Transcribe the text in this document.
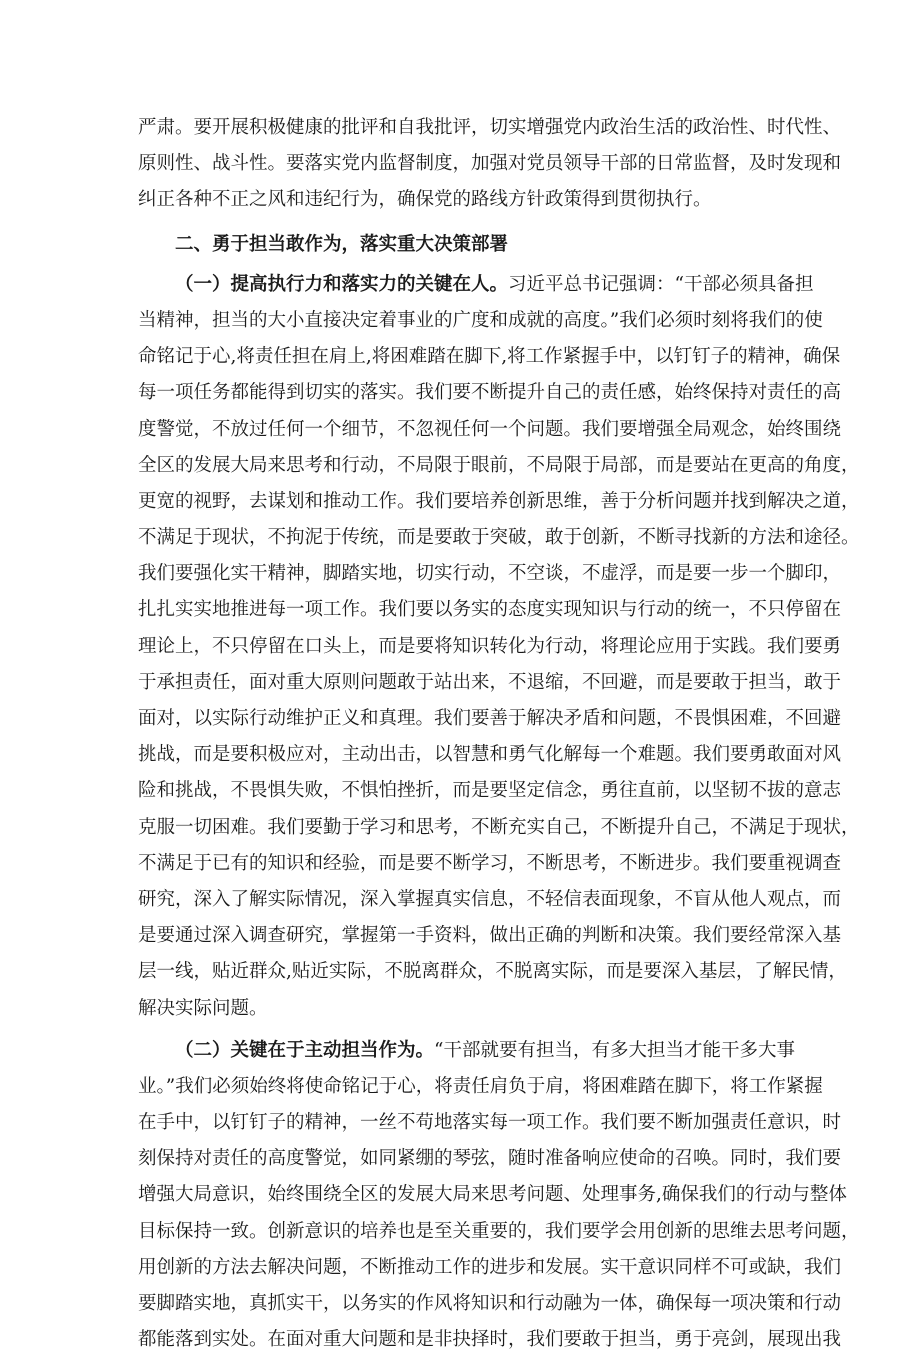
严肃。要开展积极健康的批评和自我批评，切实增强党内政治生活的政治性、时代性、
原则性、战斗性。要落实党内监督制度，加强对党员领导干部的日常监督，及时发现和
纠正各种不正之风和违纪行为，确保党的路线方针政策得到贯彻执行。
二、勇于担当敢作为，落实重大决策部署
（一）提高执行力和落实力的关键在人。习近平总书记强调：“干部必须具备担
当精神，担当的大小直接决定着事业的广度和成就的高度。”我们必须时刻将我们的使
命铭记于心,将责任担在肩上,将困难踏在脚下,将工作紧握手中，以钉钉子的精神，确保
每一项任务都能得到切实的落实。我们要不断提升自己的责任感，始终保持对责任的高
度警觉，不放过任何一个细节，不忽视任何一个问题。我们要增强全局观念，始终围绕
全区的发展大局来思考和行动，不局限于眼前，不局限于局部，而是要站在更高的角度，
更宽的视野，去谋划和推动工作。我们要培养创新思维，善于分析问题并找到解决之道，
不满足于现状，不拘泥于传统，而是要敢于突破，敢于创新，不断寻找新的方法和途径。
我们要强化实干精神，脚踏实地，切实行动，不空谈，不虚浮，而是要一步一个脚印，
扎扎实实地推进每一项工作。我们要以务实的态度实现知识与行动的统一，不只停留在
理论上，不只停留在口头上，而是要将知识转化为行动，将理论应用于实践。我们要勇
于承担责任，面对重大原则问题敢于站出来，不退缩，不回避，而是要敢于担当，敢于
面对，以实际行动维护正义和真理。我们要善于解决矛盾和问题，不畏惧困难，不回避
挑战，而是要积极应对，主动出击，以智慧和勇气化解每一个难题。我们要勇敢面对风
险和挑战，不畏惧失败，不惧怕挫折，而是要坚定信念，勇往直前，以坚韧不拔的意志
克服一切困难。我们要勤于学习和思考，不断充实自己，不断提升自己，不满足于现状，
不满足于已有的知识和经验，而是要不断学习，不断思考，不断进步。我们要重视调查
研究，深入了解实际情况，深入掌握真实信息，不轻信表面现象，不盲从他人观点，而
是要通过深入调查研究，掌握第一手资料，做出正确的判断和决策。我们要经常深入基
层一线，贴近群众,贴近实际，不脱离群众，不脱离实际，而是要深入基层，了解民情，
解决实际问题。
（二）关键在于主动担当作为。“干部就要有担当，有多大担当才能干多大事
业。”我们必须始终将使命铭记于心，将责任肩负于肩，将困难踏在脚下，将工作紧握
在手中，以钉钉子的精神，一丝不苟地落实每一项工作。我们要不断加强责任意识，时
刻保持对责任的高度警觉，如同紧绷的琴弦，随时准备响应使命的召唤。同时，我们要
增强大局意识，始终围绕全区的发展大局来思考问题、处理事务,确保我们的行动与整体
目标保持一致。创新意识的培养也是至关重要的，我们要学会用创新的思维去思考问题，
用创新的方法去解决问题，不断推动工作的进步和发展。实干意识同样不可或缺，我们
要脚踏实地，真抓实干，以务实的作风将知识和行动融为一体，确保每一项决策和行动
都能落到实处。在面对重大问题和是非抉择时，我们要敢于担当，勇于亮剑，展现出我
